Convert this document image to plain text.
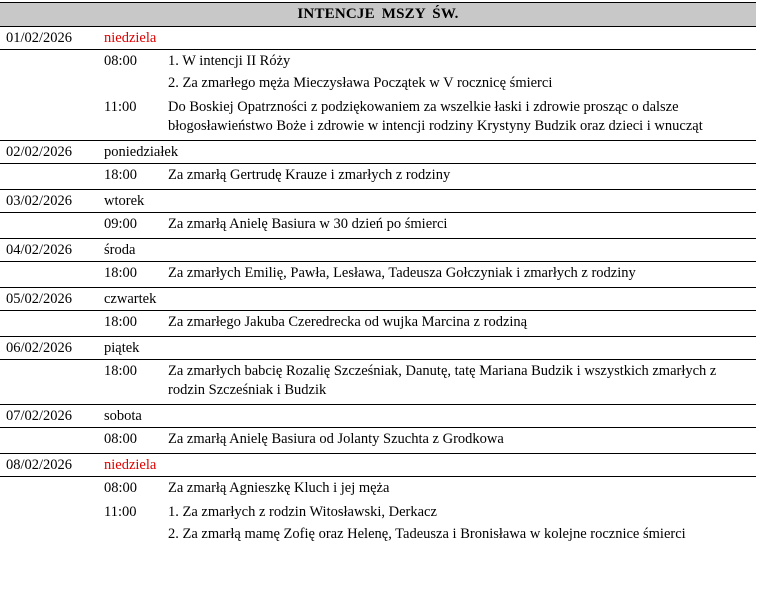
INTENCJE MSZY ŚW.
01/02/2026 niedziela
08:00 1. W intencji II Róży
2. Za zmarłego męża Mieczysława Początek w V rocznicę śmierci
11:00 Do Boskiej Opatrzności z podziękowaniem za wszelkie łaski i zdrowie prosząc o dalsze błogosławieństwo Boże i zdrowie w intencji rodziny Krystyny Budzik oraz dzieci i wnucząt
02/02/2026 poniedziałek
18:00 Za zmarłą Gertrudę Krauze i zmarłych z rodziny
03/02/2026 wtorek
09:00 Za zmarłą Anielę Basiura w 30 dzień po śmierci
04/02/2026 środa
18:00 Za zmarłych Emilię, Pawła, Lesława, Tadeusza Gołczyniak i zmarłych z rodziny
05/02/2026 czwartek
18:00 Za zmarłego Jakuba Czeredrecka od wujka Marcina z rodziną
06/02/2026 piątek
18:00 Za zmarłych babcię Rozalię Szcześniak, Danutę, tatę Mariana Budzik i wszystkich zmarłych z rodzin Szcześniak i Budzik
07/02/2026 sobota
08:00 Za zmarłą Anielę Basiura od Jolanty Szuchta z Grodkowa
08/02/2026 niedziela
08:00 Za zmarłą Agnieszkę Kluch i jej męża
11:00 1. Za zmarłych z rodzin Witosławski, Derkacz
2. Za zmarłą mamę Zofię oraz Helenę, Tadeusza i Bronisława w kolejne rocznice śmierci
